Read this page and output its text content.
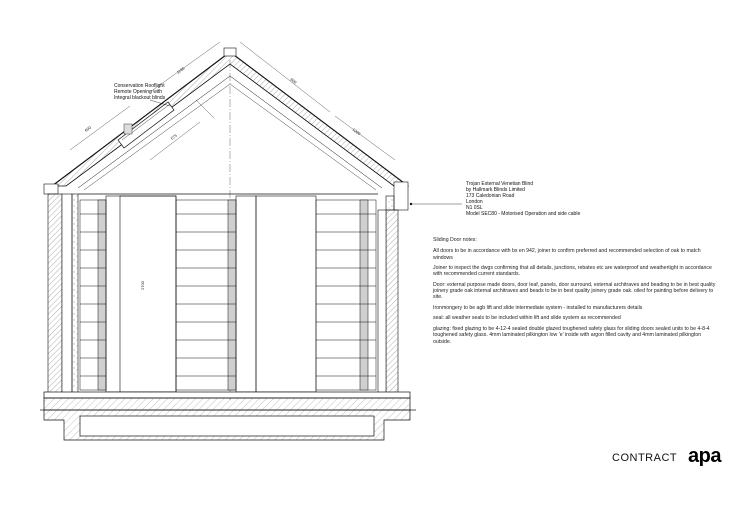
600
1190
600
1200
575
2700
Conservation Rooflight
Remote Opening with
Integral blackout blinds
Trojan External Venetian Blind
by Hallmark Blinds Limited
173 Caledonian Road
London
N1 0SL
Model SEC80 - Motorised Operation and side cable

Sliding Door notes:

All doors to be in accordance with bs en 942, joiner to confirm preferred and recommended selection of oak to match windows

Joiner to inspect the dwgs confirming that all details, junctions, rebates etc are waterproof and weathertight in accordance with recommended current standards.

Door: external purpose made doors, door leaf, panels, door surround, external architraves and beading to be in best quality joinery grade oak internal architraves and beads to be in best quality joinery grade oak. oiled for painting before delivery to site.

Ironmongery to be agb lift and slide intermediate system - installed to manufacturers details

seal: all weather seals to be included within lift and slide system as recommended

glazing: fixed glazing to be 4-12-4 sealed double glazed toughened safety glass for sliding doors sealed units to be 4-8-4 toughened safety glass. 4mm laminated pilkington low 'e' inside with argon filled cavity and 4mm laminated pilkington outside.

CONTRACT apa
